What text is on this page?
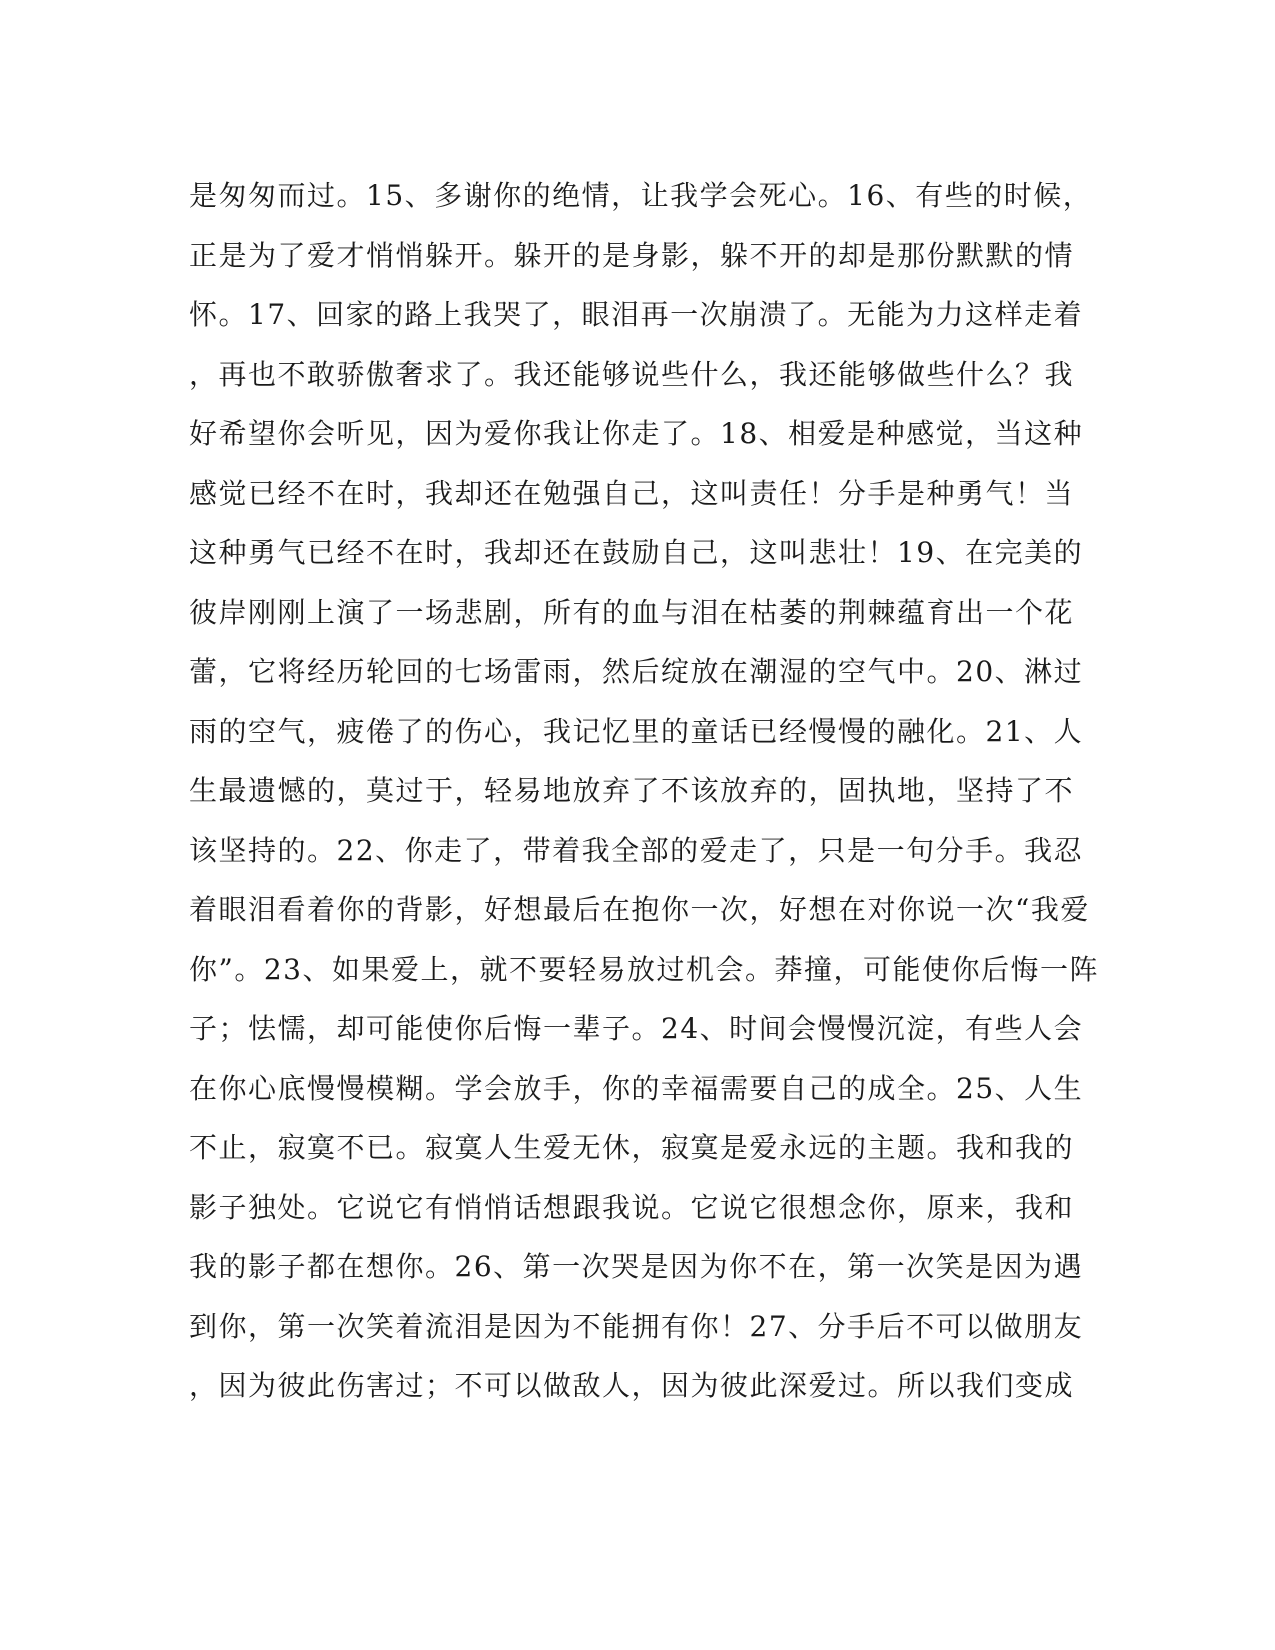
是匆匆而过。15、多谢你的绝情，让我学会死心。16、有些的时候，
正是为了爱才悄悄躲开。躲开的是身影，躲不开的却是那份默默的情
怀。17、回家的路上我哭了，眼泪再一次崩溃了。无能为力这样走着
，再也不敢骄傲奢求了。我还能够说些什么，我还能够做些什么？我
好希望你会听见，因为爱你我让你走了。18、相爱是种感觉，当这种
感觉已经不在时，我却还在勉强自己，这叫责任！分手是种勇气！当
这种勇气已经不在时，我却还在鼓励自己，这叫悲壮！19、在完美的
彼岸刚刚上演了一场悲剧，所有的血与泪在枯萎的荆棘蕴育出一个花
蕾，它将经历轮回的七场雷雨，然后绽放在潮湿的空气中。20、淋过
雨的空气，疲倦了的伤心，我记忆里的童话已经慢慢的融化。21、人
生最遗憾的，莫过于，轻易地放弃了不该放弃的，固执地，坚持了不
该坚持的。22、你走了，带着我全部的爱走了，只是一句分手。我忍
着眼泪看着你的背影，好想最后在抱你一次，好想在对你说一次“我爱
你”。23、如果爱上，就不要轻易放过机会。莽撞，可能使你后悔一阵
子；怯懦，却可能使你后悔一辈子。24、时间会慢慢沉淀，有些人会
在你心底慢慢模糊。学会放手，你的幸福需要自己的成全。25、人生
不止，寂寞不已。寂寞人生爱无休，寂寞是爱永远的主题。我和我的
影子独处。它说它有悄悄话想跟我说。它说它很想念你，原来，我和
我的影子都在想你。26、第一次哭是因为你不在，第一次笑是因为遇
到你，第一次笑着流泪是因为不能拥有你！27、分手后不可以做朋友
，因为彼此伤害过；不可以做敌人，因为彼此深爱过。所以我们变成
